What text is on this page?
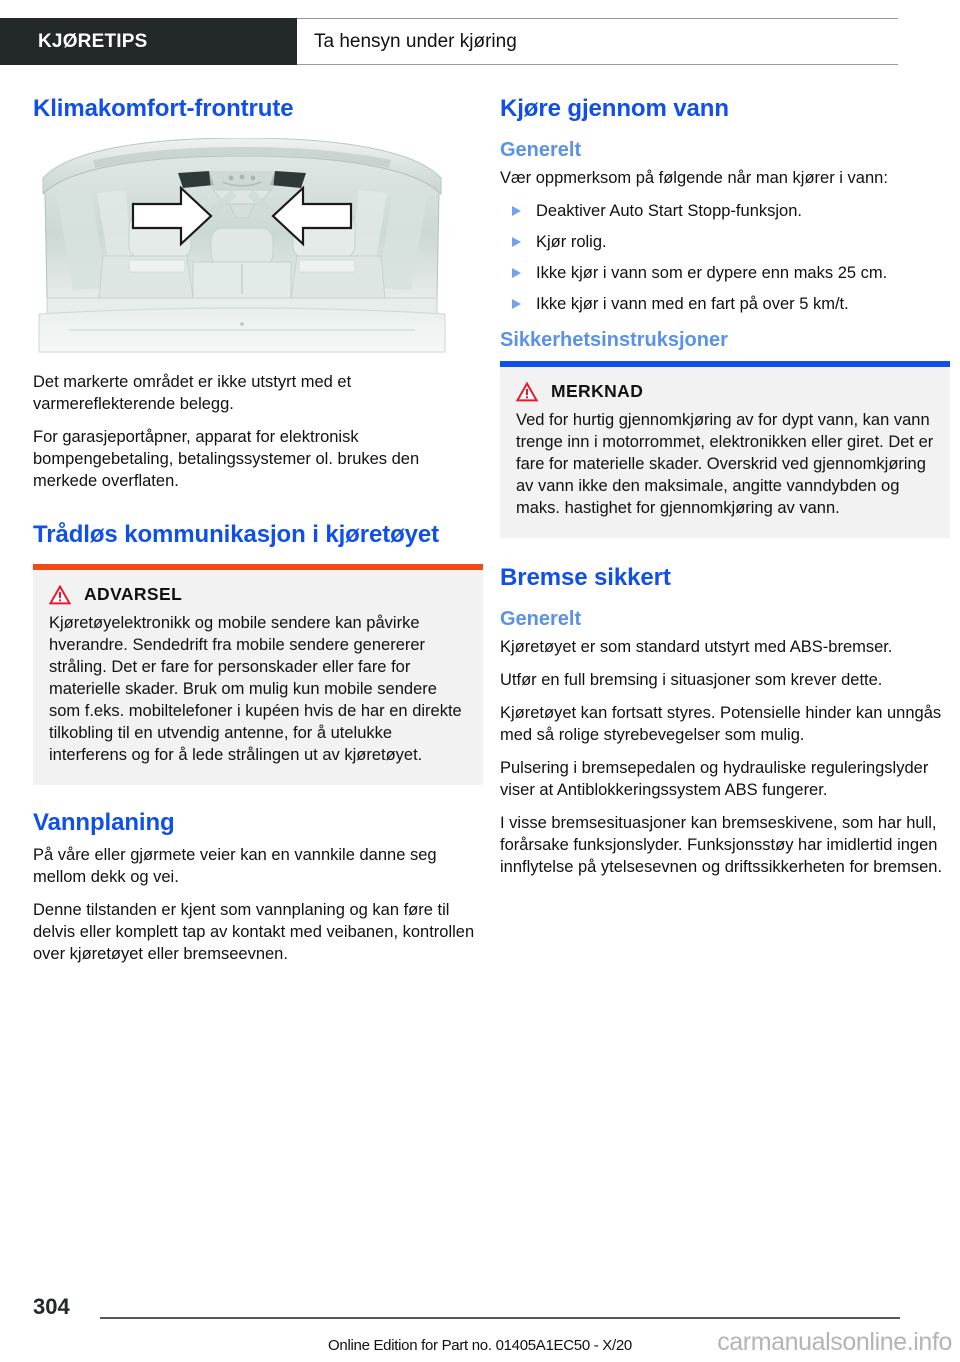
KJØRETIPS	Ta hensyn under kjøring
Klimakomfort-frontrute

Det markerte området er ikke utstyrt med et varmereflekterende belegg.

For garasjeportåpner, apparat for elektronisk bompengebetaling, betalingssystemer ol. brukes den merkede overflaten.

Trådløs kommunikasjon i kjøretøyet
ADVARSEL

Kjøretøyelektronikk og mobile sendere kan påvirke hverandre. Sendedrift fra mobile sendere genererer stråling. Det er fare for personskader eller fare for materielle skader. Bruk om mulig kun mobile sendere som f.eks. mobiltelefoner i kupéen hvis de har en direkte tilkobling til en utvendig antenne, for å utelukke interferens og for å lede strålingen ut av kjøretøyet.

Vannplaning

På våre eller gjørmete veier kan en vannkile danne seg mellom dekk og vei.

Denne tilstanden er kjent som vannplaning og kan føre til delvis eller komplett tap av kontakt med veibanen, kontrollen over kjøretøyet eller bremseevnen.

Kjøre gjennom vann
Generelt

Vær oppmerksom på følgende når man kjører i vann:

Deaktiver Auto Start Stopp-funksjon.
Kjør rolig.
Ikke kjør i vann som er dypere enn maks 25 cm.
Ikke kjør i vann med en fart på over 5 km/t.
Sikkerhetsinstruksjoner
MERKNAD

Ved for hurtig gjennomkjøring av for dypt vann, kan vann trenge inn i motorrommet, elektronikken eller giret. Det er fare for materielle skader. Overskrid ved gjennomkjøring av vann ikke den maksimale, angitte vanndybden og maks. hastighet for gjennomkjøring av vann.

Bremse sikkert
Generelt

Kjøretøyet er som standard utstyrt med ABS-bremser.

Utfør en full bremsing i situasjoner som krever dette.

Kjøretøyet kan fortsatt styres. Potensielle hinder kan unngås med så rolige styrebevegelser som mulig.

Pulsering i bremsepedalen og hydrauliske reguleringslyder viser at Antiblokkeringssystem ABS fungerer.

I visse bremsesituasjoner kan bremseskivene, som har hull, forårsake funksjonslyder. Funksjonsstøy har imidlertid ingen innflytelse på ytelsesevnen og driftssikkerheten for bremsen.

304
Online Edition for Part no. 01405A1EC50 - X/20	carmanualsonline.info
